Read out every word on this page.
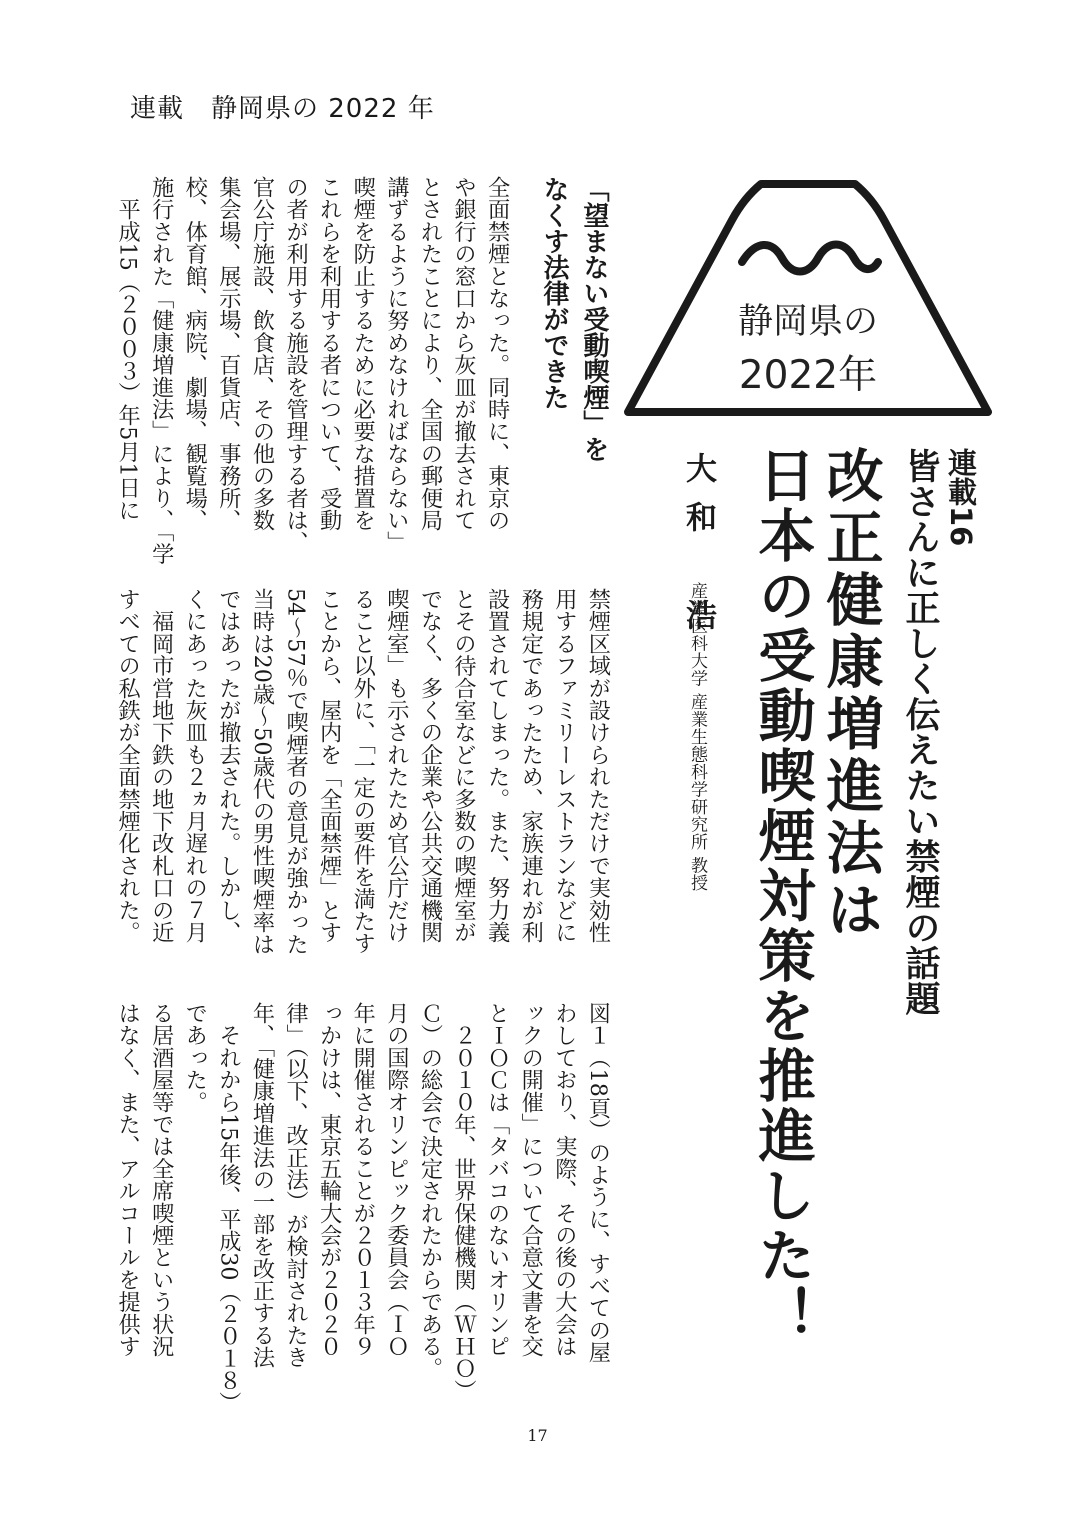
連載　静岡県の 2022 年
静岡県の
2022年
連載16
皆さんに正しく伝えたい禁煙の話題
改正健康増進法は
日本の受動喫煙対策を推進した！
大和　浩
産業医科大学 産業生態科学研究所 教授
「望まない受動喫煙」を
なくす法律ができた
全面禁煙となった。同時に、東京の
や銀行の窓口から灰皿が撤去されて
とされたことにより、全国の郵便局
講ずるように努めなければならない」
喫煙を防止するために必要な措置を
これらを利用する者について、受動
の者が利用する施設を管理する者は、
官公庁施設、飲食店、その他の多数
集会場、展示場、百貨店、事務所、
校、体育館、病院、劇場、観覧場、
施行された「健康増進法」により、「学
　平成15（２００３）年5月1日に
禁煙区域が設けられただけで実効性
用するファミリーレストランなどに
務規定であったため、家族連れが利
設置されてしまった。また、努力義
とその待合室などに多数の喫煙室が
でなく、多くの企業や公共交通機関
喫煙室」も示されたため官公庁だけ
ること以外に、「一定の要件を満たす
ことから、屋内を「全面禁煙」とす
54～57％で喫煙者の意見が強かった
当時は20歳～50歳代の男性喫煙率は
ではあったが撤去された。しかし、
くにあった灰皿も２ヵ月遅れの７月
　福岡市営地下鉄の地下改札口の近
すべての私鉄が全面禁煙化された。
図１（18頁）のように、すべての屋
わしており、実際、その後の大会は
ックの開催」について合意文書を交
とＩＯＣは「タバコのないオリンピ
　２０１０年、世界保健機関（ＷＨＯ）
Ｃ）の総会で決定されたからである。
月の国際オリンピック委員会（ＩＯ
年に開催されることが２０１３年９
っかけは、東京五輪大会が２０２０
律」（以下、改正法）が検討されたき
年、「健康増進法の一部を改正する法
　それから15年後、平成30（２０１８）
であった。
る居酒屋等では全席喫煙という状況
はなく、また、アルコールを提供す
17
